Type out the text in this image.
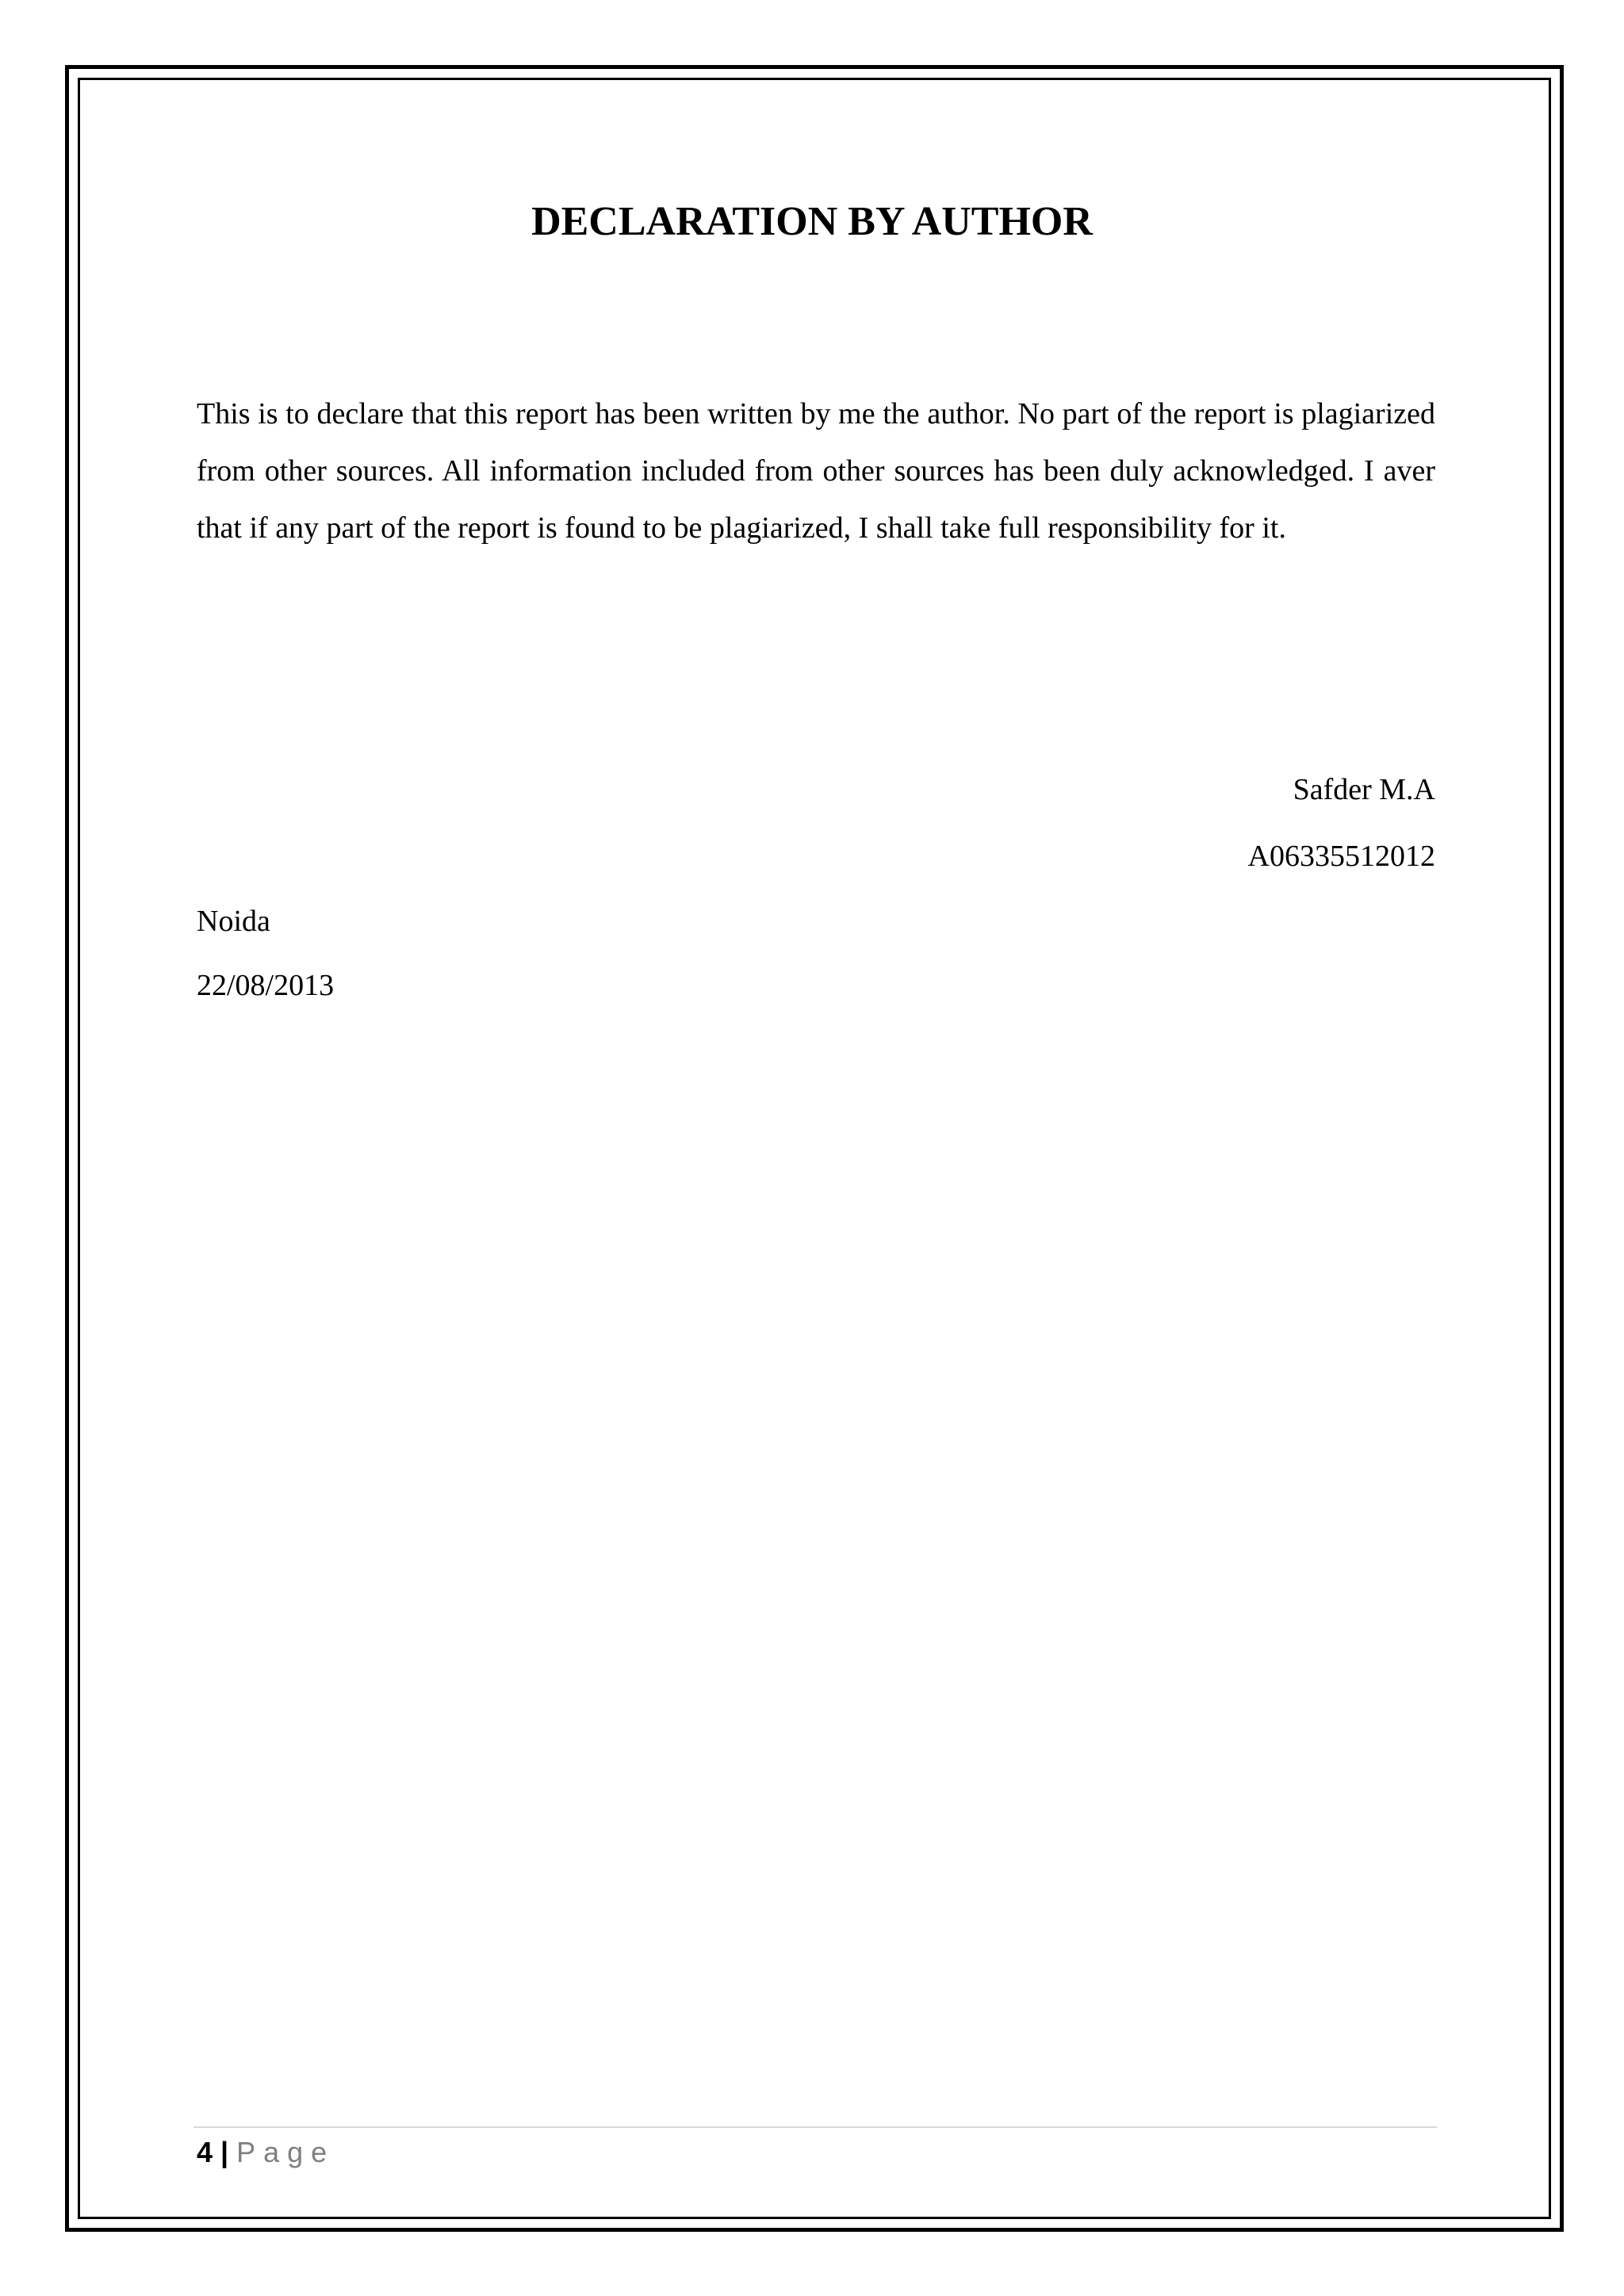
DECLARATION BY AUTHOR

This is to declare that this report has been written by me the author. No part of the report is plagiarized from other sources. All information included from other sources has been duly acknowledged. I aver that if any part of the report is found to be plagiarized, I shall take full responsibility for it.

Safder M.A

A06335512012

Noida

22/08/2013

4 | Page
